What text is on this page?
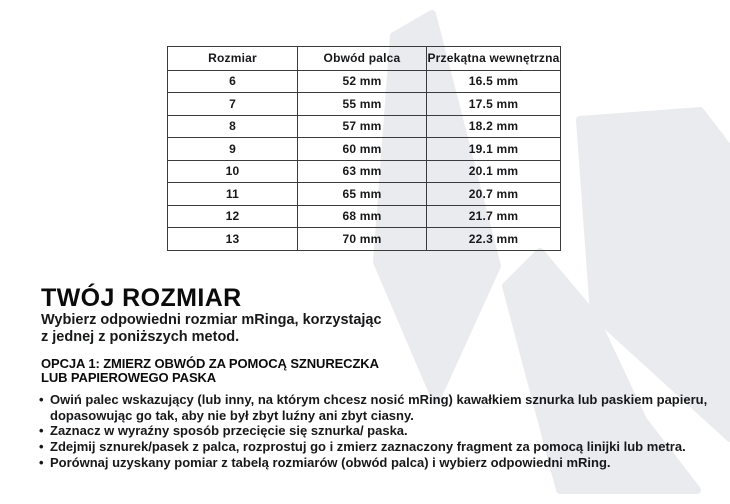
Rozmiar	Obwód palca	Przekątna wewnętrzna
6	52 mm	16.5 mm
7	55 mm	17.5 mm
8	57 mm	18.2 mm
9	60 mm	19.1 mm
10	63 mm	20.1 mm
11	65 mm	20.7 mm
12	68 mm	21.7 mm
13	70 mm	22.3 mm
TWÓJ ROZMIAR
Wybierz odpowiedni rozmiar mRinga, korzystając
z jednej z poniższych metod.
OPCJA 1: ZMIERZ OBWÓD ZA POMOCĄ SZNURECZKA
LUB PAPIEROWEGO PASKA
• Owiń palec wskazujący (lub inny, na którym chcesz nosić mRing) kawałkiem sznurka lub paskiem papieru,
dopasowując go tak, aby nie był zbyt luźny ani zbyt ciasny.
• Zaznacz w wyraźny sposób przecięcie się sznurka/ paska.
• Zdejmij sznurek/pasek z palca, rozprostuj go i zmierz zaznaczony fragment za pomocą linijki lub metra.
• Porównaj uzyskany pomiar z tabelą rozmiarów (obwód palca) i wybierz odpowiedni mRing.
